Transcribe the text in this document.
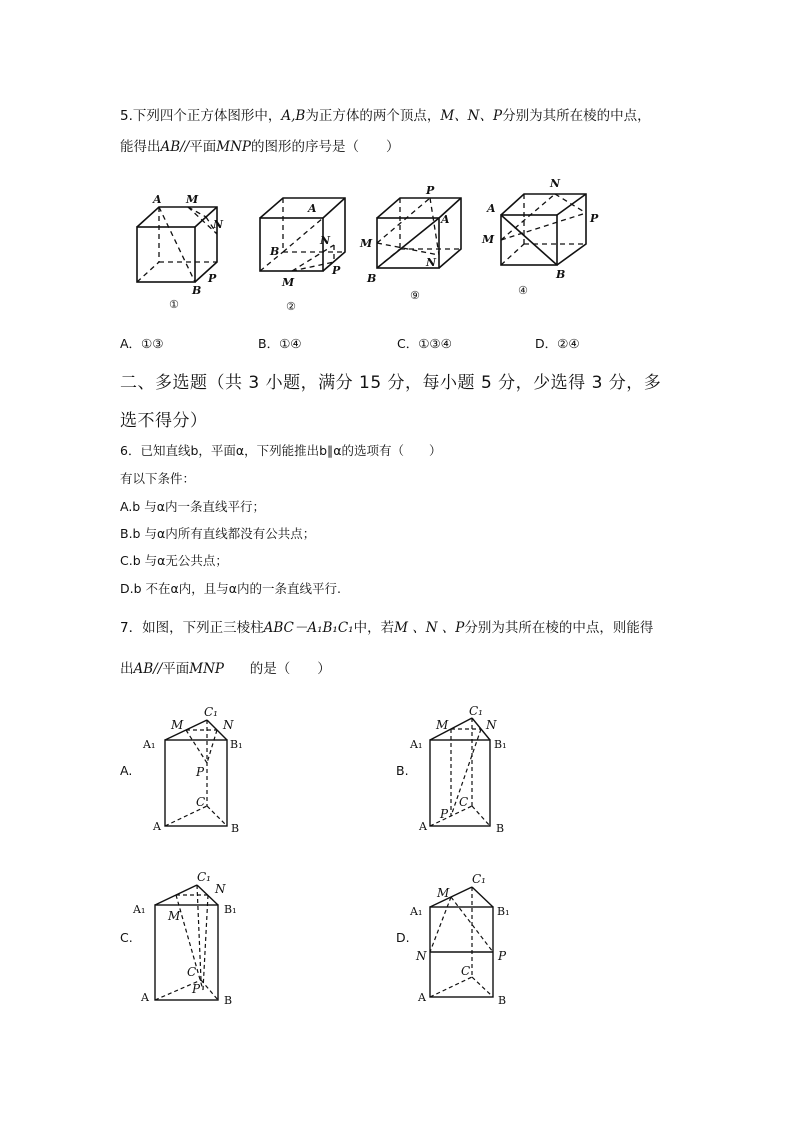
5.下列四个正方体图形中，A,B为正方体的两个顶点，M、N、P分别为其所在棱的中点，
能得出AB//平面MNP的图形的序号是（　　）
A M
N
P
B
A
N
B
P
M
P
A
M
N
B
N
A
P
M
B
①	②
⑨	④
A．①③	B．①④	C．①③④	D．②④
二、多选题（共 3 小题，满分 15 分，每小题 5 分，少选得 3 分，多
选不得分）
6．已知直线b，平面α，下列能推出b∥α的选项有（　　）
有以下条件：
A.b 与α内一条直线平行；
B.b 与α内所有直线都没有公共点；
C.b 与α无公共点；
D.b 不在α内，且与α内的一条直线平行.
7．如图，下列正三棱柱ABC－A₁B₁C₁中，若M 、N 、P分别为其所在棱的中点，则能得
出AB//平面MNP 的是（　　）
M
C₁
N
A₁	B₁
P
C
A	B
M
C₁
N
A₁	B₁
P
C
A	B
C₁
N
A₁ M	B₁
C
P
A	B
M
C₁
A₁	B₁
N	P
C
A	B
A.	B.
C.	D.
